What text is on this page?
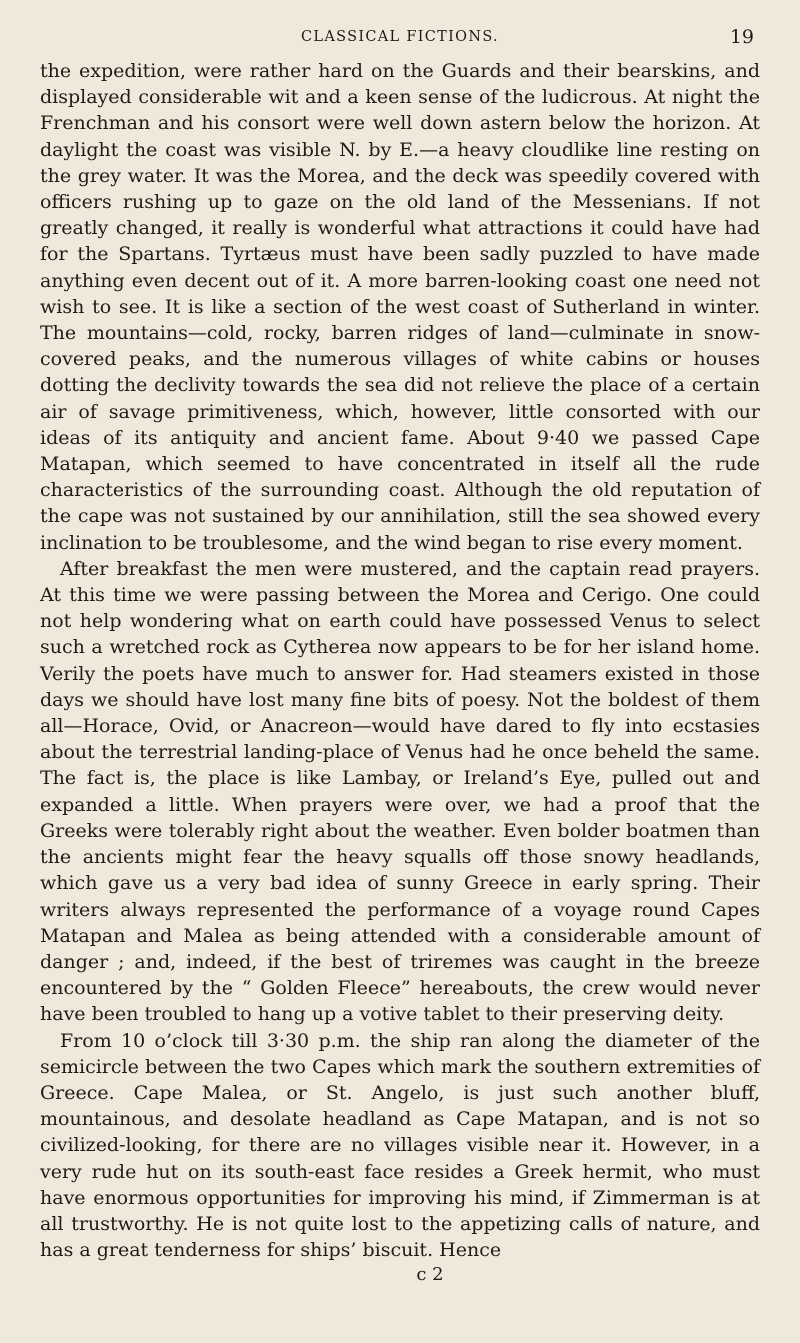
CLASSICAL FICTIONS.	19

the expedition, were rather hard on the Guards and their bearskins, and displayed considerable wit and a keen sense of the ludicrous. At night the Frenchman and his consort were well down astern below the horizon. At daylight the coast was visible N. by E.—a heavy cloudlike line resting on the grey water. It was the Morea, and the deck was speedily covered with officers rushing up to gaze on the old land of the Messenians. If not greatly changed, it really is wonderful what attractions it could have had for the Spartans. Tyrtæus must have been sadly puzzled to have made anything even decent out of it. A more barren-looking coast one need not wish to see. It is like a section of the west coast of Sutherland in winter. The mountains—cold, rocky, barren ridges of land—culminate in snow-covered peaks, and the numerous villages of white cabins or houses dotting the declivity towards the sea did not relieve the place of a certain air of savage primitiveness, which, however, little consorted with our ideas of its antiquity and ancient fame. About 9·40 we passed Cape Matapan, which seemed to have concentrated in itself all the rude characteristics of the surrounding coast. Although the old reputation of the cape was not sustained by our annihilation, still the sea showed every inclination to be troublesome, and the wind began to rise every moment.

After breakfast the men were mustered, and the captain read prayers. At this time we were passing between the Morea and Cerigo. One could not help wondering what on earth could have possessed Venus to select such a wretched rock as Cytherea now appears to be for her island home. Verily the poets have much to answer for. Had steamers existed in those days we should have lost many fine bits of poesy. Not the boldest of them all—Horace, Ovid, or Anacreon—would have dared to fly into ecstasies about the terrestrial landing-place of Venus had he once beheld the same. The fact is, the place is like Lambay, or Ireland’s Eye, pulled out and expanded a little. When prayers were over, we had a proof that the Greeks were tolerably right about the weather. Even bolder boatmen than the ancients might fear the heavy squalls off those snowy headlands, which gave us a very bad idea of sunny Greece in early spring. Their writers always represented the performance of a voyage round Capes Matapan and Malea as being attended with a considerable amount of danger ; and, indeed, if the best of triremes was caught in the breeze encountered by the “ Golden Fleece” hereabouts, the crew would never have been troubled to hang up a votive tablet to their preserving deity.

From 10 o’clock till 3·30 p.m. the ship ran along the diameter of the semicircle between the two Capes which mark the southern extremities of Greece. Cape Malea, or St. Angelo, is just such another bluff, mountainous, and desolate headland as Cape Matapan, and is not so civilized-looking, for there are no villages visible near it. However, in a very rude hut on its south-east face resides a Greek hermit, who must have enormous opportunities for improving his mind, if Zimmerman is at all trustworthy. He is not quite lost to the appetizing calls of nature, and has a great tenderness for ships’ biscuit. Hence

c 2
